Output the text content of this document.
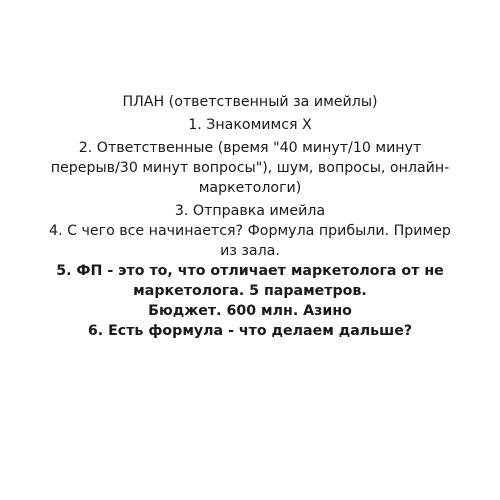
ПЛАН (ответственный за имейлы)

1. Знакомимся Х

2. Ответственные (время "40 минут/10 минут перерыв/30 минут вопросы"), шум, вопросы, онлайн-маркетологи)

3. Отправка имейла

4. С чего все начинается? Формула прибыли. Пример из зала.

5. ФП - это то, что отличает маркетолога от не маркетолога. 5 параметров.

Бюджет. 600 млн. Азино

6. Есть формула - что делаем дальше?
